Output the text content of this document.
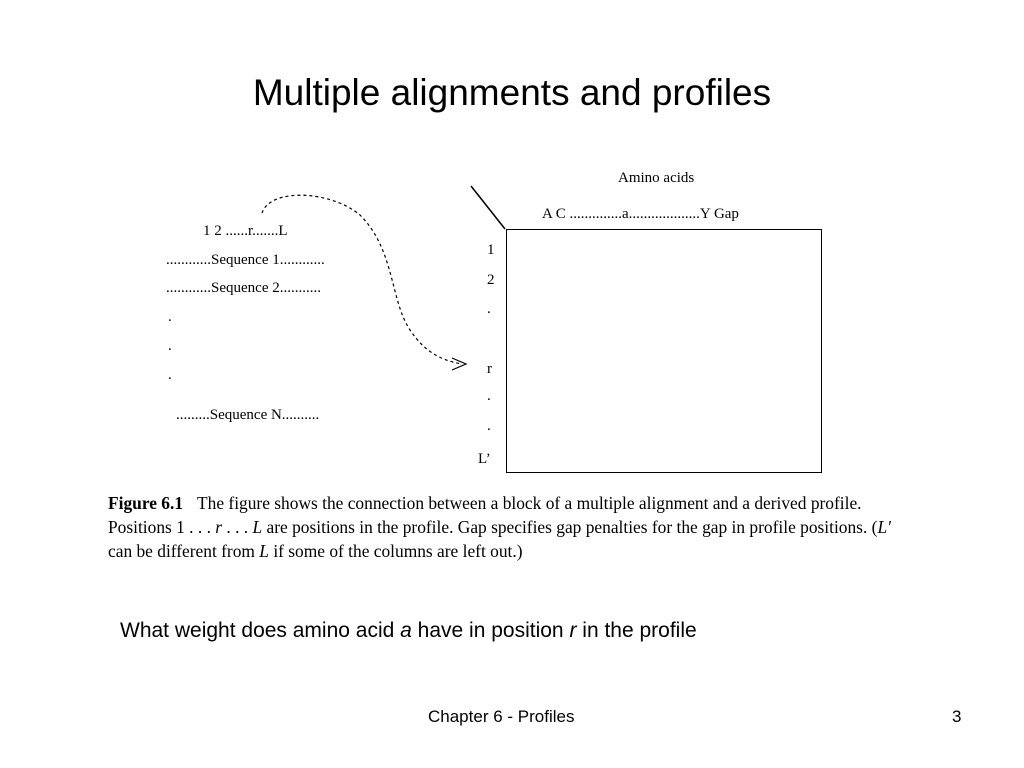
Multiple alignments and profiles
1 2 ......r.......L
............Sequence 1............
............Sequence 2...........
.
.
.
.........Sequence N..........
Amino acids
A C ..............a...................Y Gap
1
2
.
r
.
.
L’
Figure 6.1 The figure shows the connection between a block of a multiple alignment and a derived profile. Positions 1 . . . r . . . L are positions in the profile. Gap specifies gap penalties for the gap in profile positions. (L′ can be different from L if some of the columns are left out.)
What weight does amino acid a have in position r in the profile
Chapter 6 - Profiles	3
